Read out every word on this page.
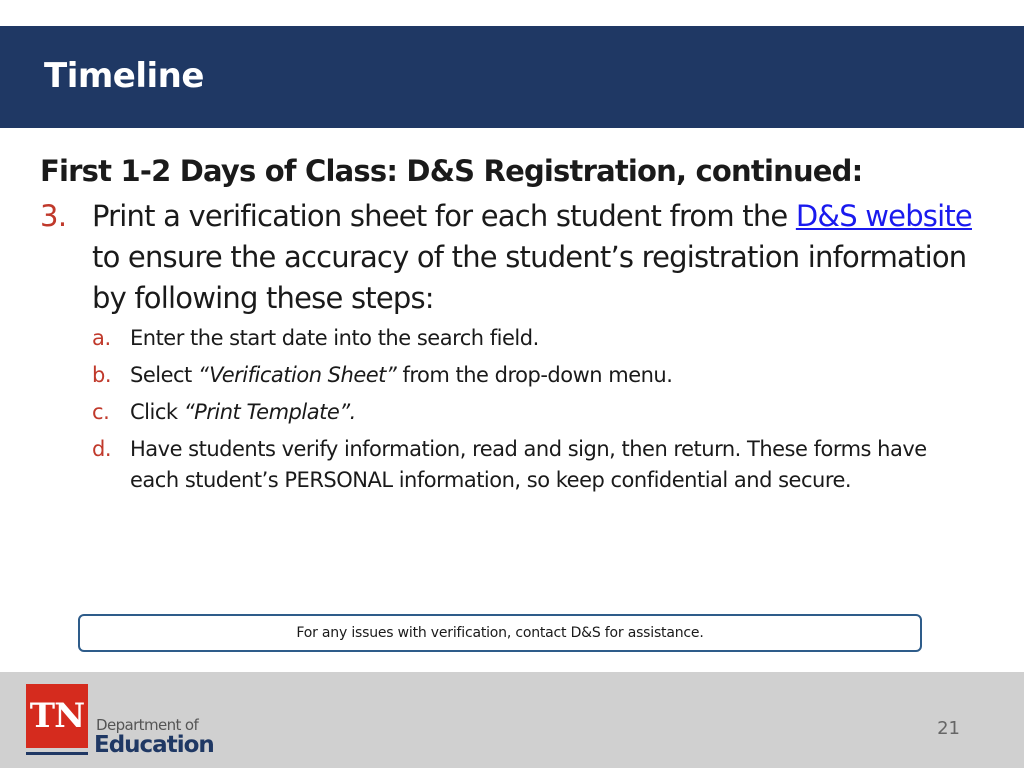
Timeline
First 1-2 Days of Class: D&S Registration, continued:
3. Print a verification sheet for each student from the D&S website to ensure the accuracy of the student’s registration information by following these steps:
a. Enter the start date into the search field.
b. Select “Verification Sheet” from the drop-down menu.
c. Click “Print Template”.
d. Have students verify information, read and sign, then return. These forms have each student’s PERSONAL information, so keep confidential and secure.
For any issues with verification, contact D&S for assistance.
TN Department of
Education
21
